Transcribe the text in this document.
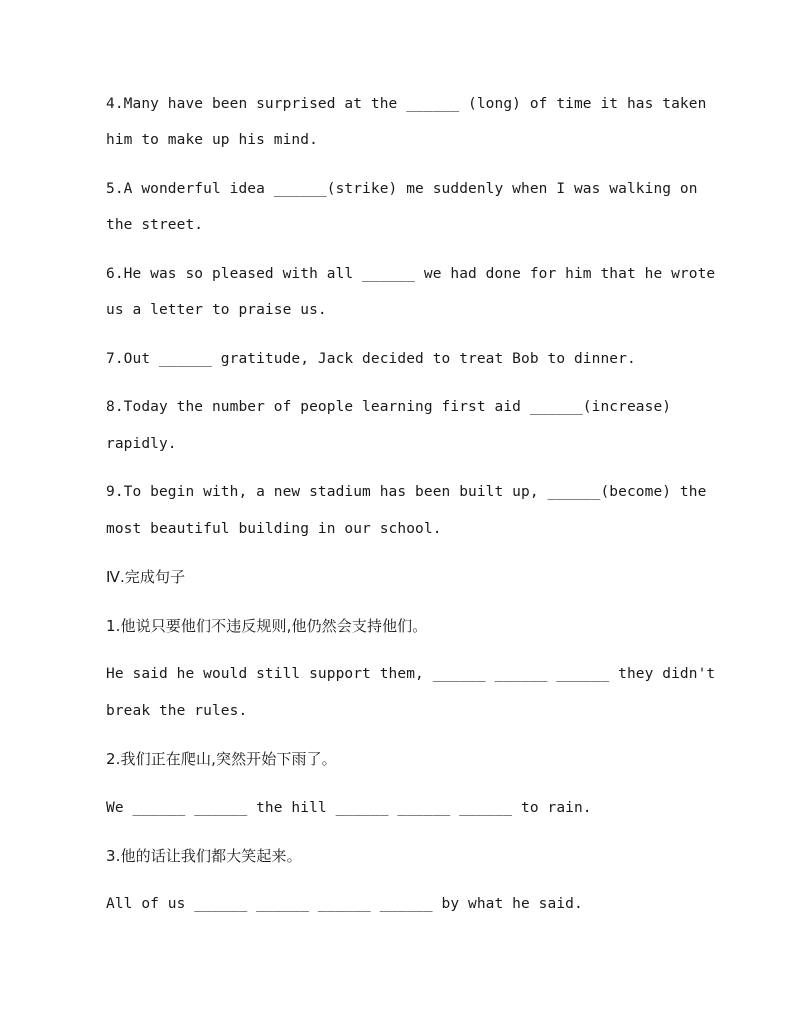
4.Many have been surprised at the ______ (long) of time it has taken
him to make up his mind.
5.A wonderful idea ______(strike) me suddenly when I was walking on
the street.
6.He was so pleased with all ______ we had done for him that he wrote
us a letter to praise us.
7.Out ______ gratitude, Jack decided to treat Bob to dinner.
8.Today the number of people learning first aid ______(increase)
rapidly.
9.To begin with, a new stadium has been built up, ______(become) the
most beautiful building in our school.
Ⅳ.完成句子
1.他说只要他们不违反规则,他仍然会支持他们。
He said he would still support them, ______ ______ ______ they didn't
break the rules.
2.我们正在爬山,突然开始下雨了。
We ______ ______ the hill ______ ______ ______ to rain.
3.他的话让我们都大笑起来。
All of us ______ ______ ______ ______ by what he said.
